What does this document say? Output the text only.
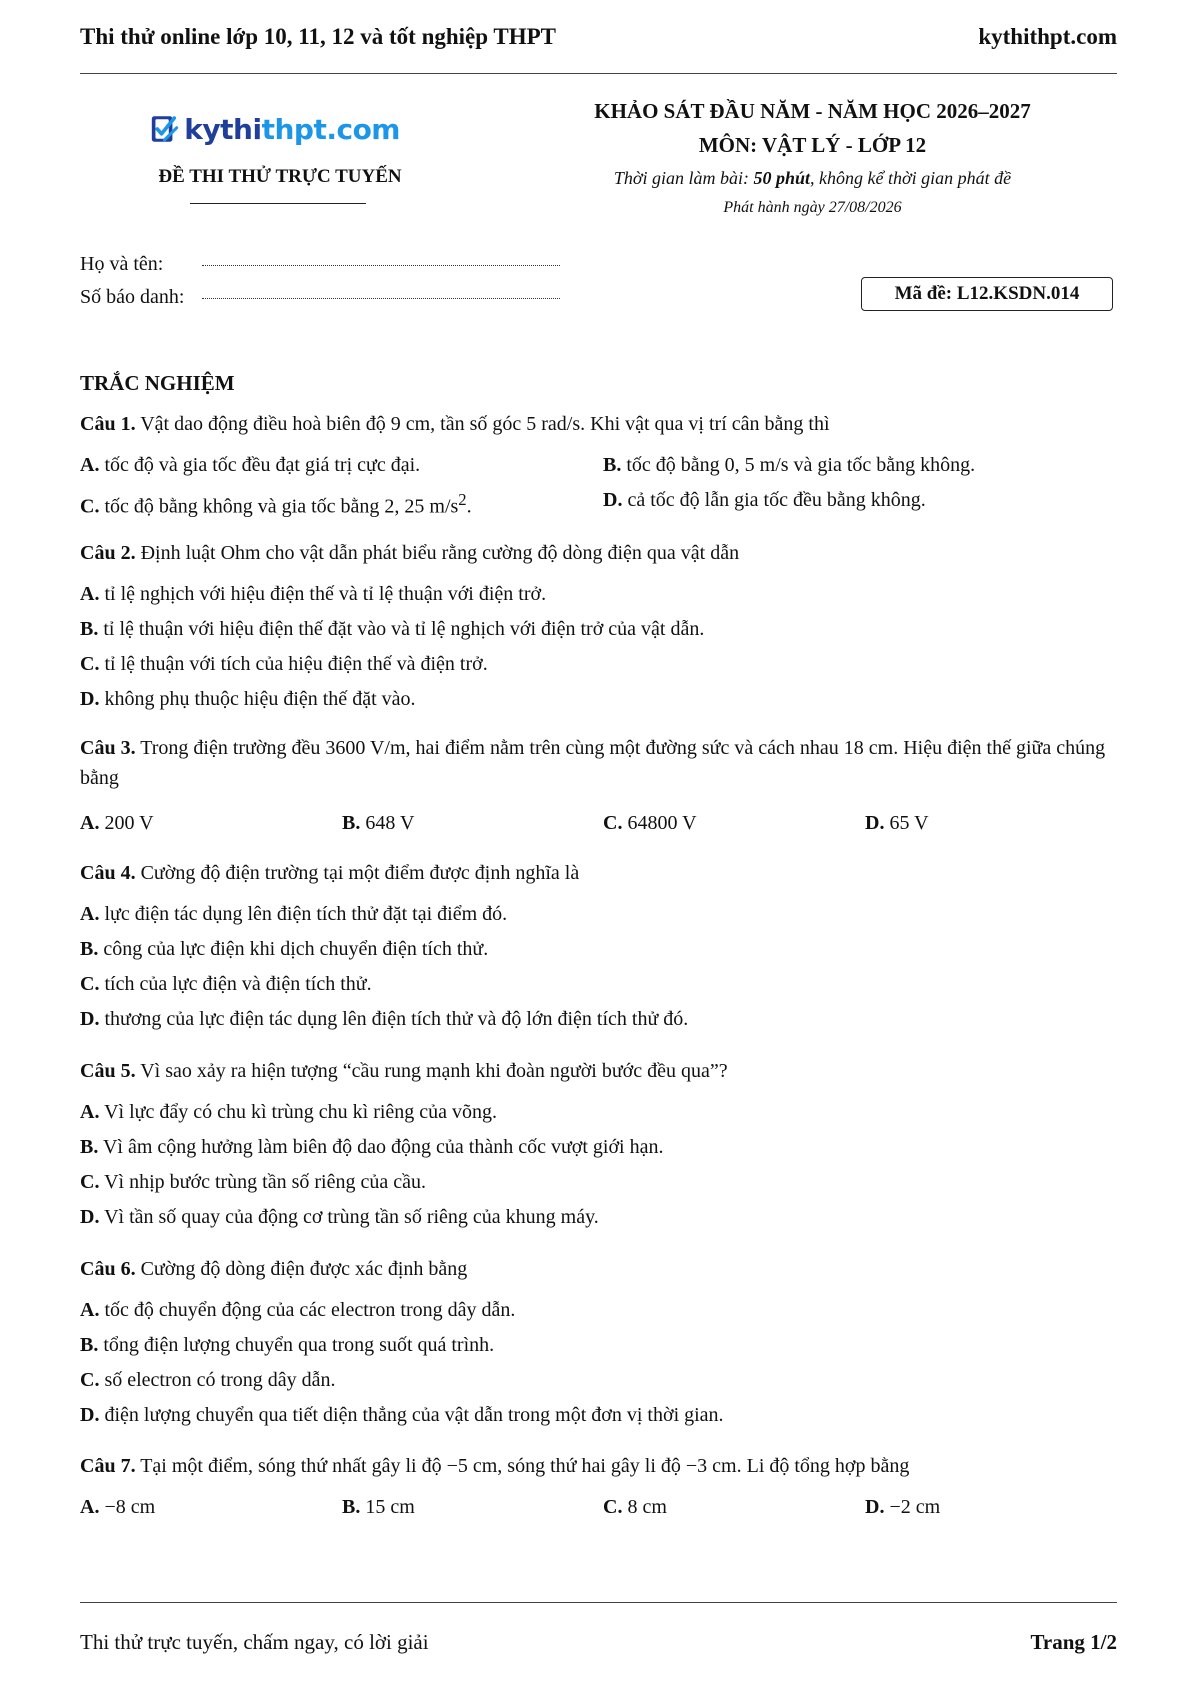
Thi thử online lớp 10, 11, 12 và tốt nghiệp THPT	kythithpt.com
kythithpt.com
ĐỀ THI THỬ TRỰC TUYẾN
KHẢO SÁT ĐẦU NĂM - NĂM HỌC 2026–2027
MÔN: VẬT LÝ - LỚP 12
Thời gian làm bài: 50 phút, không kể thời gian phát đề
Phát hành ngày 27/08/2026
Họ và tên:
Số báo danh:	Mã đề: L12.KSDN.014
TRẮC NGHIỆM
Câu 1. Vật dao động điều hoà biên độ 9 cm, tần số góc 5 rad/s. Khi vật qua vị trí cân bằng thì
A. tốc độ và gia tốc đều đạt giá trị cực đại.	B. tốc độ bằng 0, 5 m/s và gia tốc bằng không.
C. tốc độ bằng không và gia tốc bằng 2, 25 $m/s^2$.	D. cả tốc độ lẫn gia tốc đều bằng không.
Câu 2. Định luật Ohm cho vật dẫn phát biểu rằng cường độ dòng điện qua vật dẫn
A. tỉ lệ nghịch với hiệu điện thế và tỉ lệ thuận với điện trở.
B. tỉ lệ thuận với hiệu điện thế đặt vào và tỉ lệ nghịch với điện trở của vật dẫn.
C. tỉ lệ thuận với tích của hiệu điện thế và điện trở.
D. không phụ thuộc hiệu điện thế đặt vào.
Câu 3. Trong điện trường đều 3600 V/m, hai điểm nằm trên cùng một đường sức và cách nhau 18 cm. Hiệu điện thế giữa chúng bằng
A. 200 V	B. 648 V	C. 64800 V	D. 65 V
Câu 4. Cường độ điện trường tại một điểm được định nghĩa là
A. lực điện tác dụng lên điện tích thử đặt tại điểm đó.
B. công của lực điện khi dịch chuyển điện tích thử.
C. tích của lực điện và điện tích thử.
D. thương của lực điện tác dụng lên điện tích thử và độ lớn điện tích thử đó.
Câu 5. Vì sao xảy ra hiện tượng “cầu rung mạnh khi đoàn người bước đều qua”?
A. Vì lực đẩy có chu kì trùng chu kì riêng của võng.
B. Vì âm cộng hưởng làm biên độ dao động của thành cốc vượt giới hạn.
C. Vì nhịp bước trùng tần số riêng của cầu.
D. Vì tần số quay của động cơ trùng tần số riêng của khung máy.
Câu 6. Cường độ dòng điện được xác định bằng
A. tốc độ chuyển động của các electron trong dây dẫn.
B. tổng điện lượng chuyển qua trong suốt quá trình.
C. số electron có trong dây dẫn.
D. điện lượng chuyển qua tiết diện thẳng của vật dẫn trong một đơn vị thời gian.
Câu 7. Tại một điểm, sóng thứ nhất gây li độ −5 cm, sóng thứ hai gây li độ −3 cm. Li độ tổng hợp bằng
A. −8 cm	B. 15 cm	C. 8 cm	D. −2 cm
Thi thử trực tuyến, chấm ngay, có lời giải	Trang 1/2
